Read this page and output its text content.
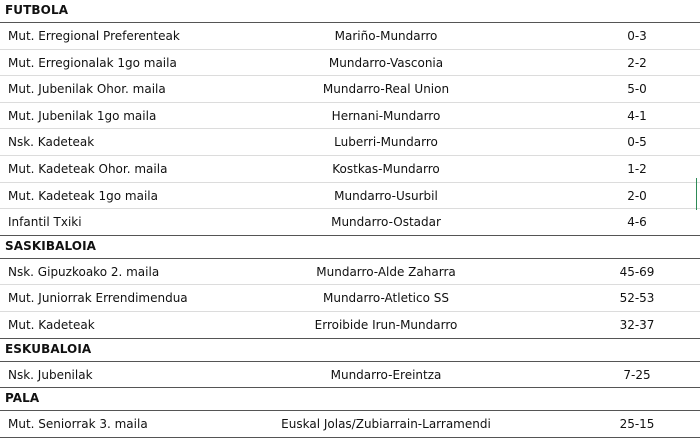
FUTBOLA
Mut. Erregional Preferenteak	Mariño-Mundarro	0-3
Mut. Erregionalak 1go maila	Mundarro-Vasconia	2-2
Mut. Jubenilak Ohor. maila	Mundarro-Real Union	5-0
Mut. Jubenilak 1go maila	Hernani-Mundarro	4-1
Nsk. Kadeteak	Luberri-Mundarro	0-5
Mut. Kadeteak Ohor. maila	Kostkas-Mundarro	1-2
Mut. Kadeteak 1go maila	Mundarro-Usurbil	2-0
Infantil Txiki	Mundarro-Ostadar	4-6
SASKIBALOIA
Nsk. Gipuzkoako 2. maila	Mundarro-Alde Zaharra	45-69
Mut. Juniorrak Errendimendua	Mundarro-Atletico SS	52-53
Mut. Kadeteak	Erroibide Irun-Mundarro	32-37
ESKUBALOIA
Nsk. Jubenilak	Mundarro-Ereintza	7-25
PALA
Mut. Seniorrak 3. maila	Euskal Jolas/Zubiarrain-Larramendi	25-15
